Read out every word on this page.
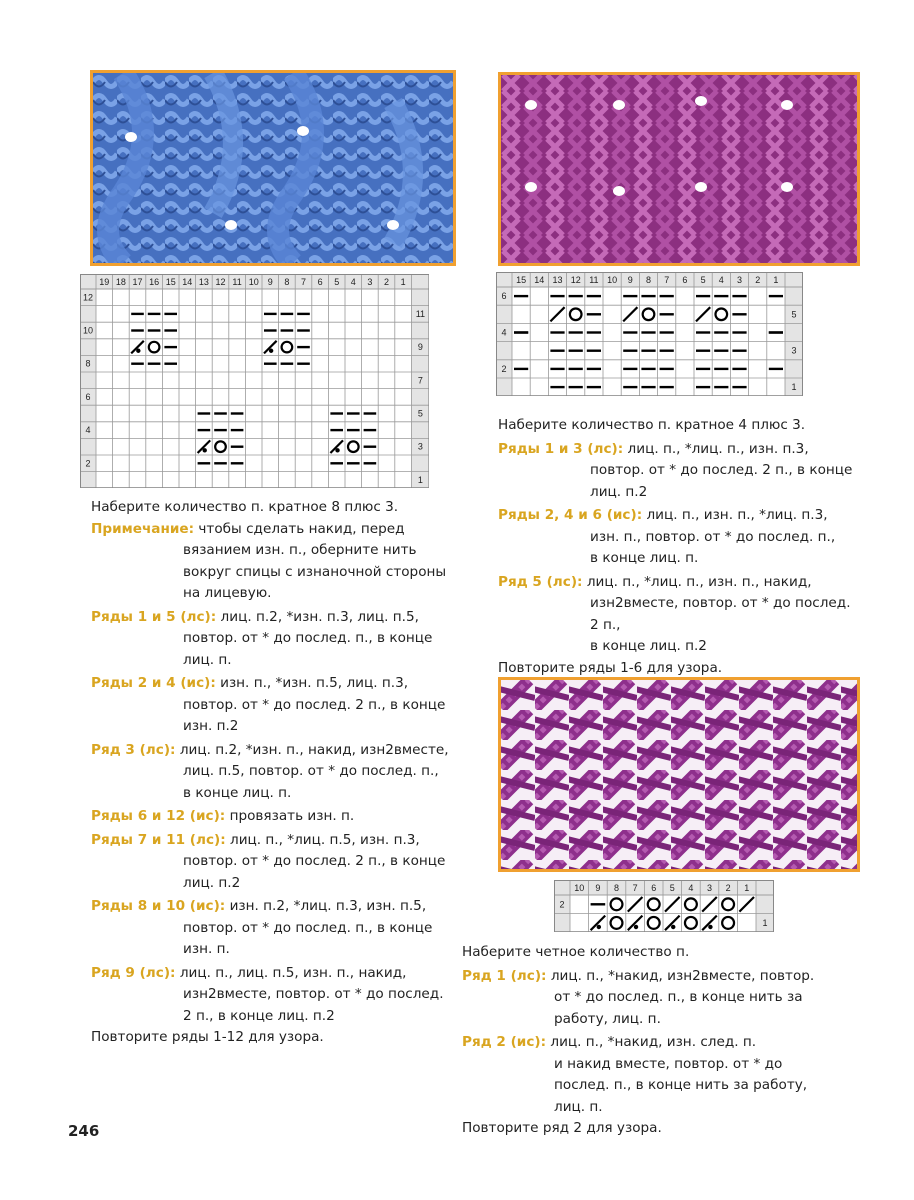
19 18 17 16 15 14 13 12 11 10 9 8 7 6 5 4 3 2 1
12
10
8
6
4
2
11
9
7
5
3
1
15 14 13 12 11 10 9 8 7 6 5 4 3 2 1
6
4
2
5
3
1
10 9 8 7 6 5 4 3 2 1
2
1
Наберите количество п. кратное 8 плюс 3.
Примечание: чтобы сделать накид, перед
вязанием изн. п., оберните нить
вокруг спицы с изнаночной стороны
на лицевую.
Ряды 1 и 5 (лс): лиц. п.2, *изн. п.3, лиц. п.5,
повтор. от * до послед. п., в конце
лиц. п.
Ряды 2 и 4 (ис): изн. п., *изн. п.5, лиц. п.3,
повтор. от * до послед. 2 п., в конце
изн. п.2
Ряд 3 (лс): лиц. п.2, *изн. п., накид, изн2вместе,
лиц. п.5, повтор. от * до послед. п.,
в конце лиц. п.
Ряды 6 и 12 (ис): провязать изн. п.
Ряды 7 и 11 (лс): лиц. п., *лиц. п.5, изн. п.3,
повтор. от * до послед. 2 п., в конце
лиц. п.2
Ряды 8 и 10 (ис): изн. п.2, *лиц. п.3, изн. п.5,
повтор. от * до послед. п., в конце
изн. п.
Ряд 9 (лс): лиц. п., лиц. п.5, изн. п., накид,
изн2вместе, повтор. от * до послед.
2 п., в конце лиц. п.2
Повторите ряды 1-12 для узора.
Наберите количество п. кратное 4 плюс 3.
Ряды 1 и 3 (лс): лиц. п., *лиц. п., изн. п.3,
повтор. от * до послед. 2 п., в конце
лиц. п.2
Ряды 2, 4 и 6 (ис): лиц. п., изн. п., *лиц. п.3,
изн. п., повтор. от * до послед. п.,
в конце лиц. п.
Ряд 5 (лс): лиц. п., *лиц. п., изн. п., накид,
изн2вместе, повтор. от * до послед.
2 п.,
в конце лиц. п.2
Повторите ряды 1-6 для узора.
Наберите четное количество п.
Ряд 1 (лс): лиц. п., *накид, изн2вместе, повтор.
от * до послед. п., в конце нить за
работу, лиц. п.
Ряд 2 (ис): лиц. п., *накид, изн. след. п.
и накид вместе, повтор. от * до
послед. п., в конце нить за работу,
лиц. п.
Повторите ряд 2 для узора.
246
